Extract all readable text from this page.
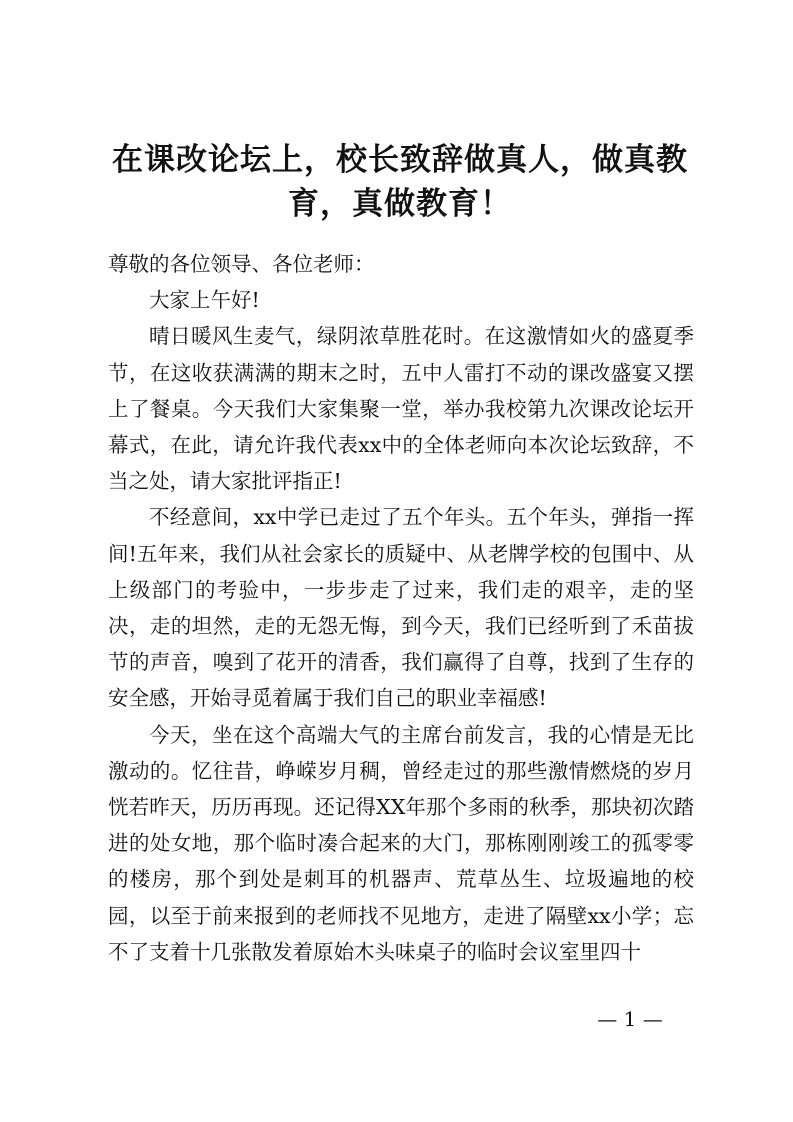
在课改论坛上，校长致辞做真人，做真教育，真做教育！

尊敬的各位领导、各位老师：

大家上午好!

晴日暖风生麦气，绿阴浓草胜花时。在这激情如火的盛夏季节，在这收获满满的期末之时，五中人雷打不动的课改盛宴又摆上了餐桌。今天我们大家集聚一堂，举办我校第九次课改论坛开幕式，在此，请允许我代表xx中的全体老师向本次论坛致辞，不当之处，请大家批评指正!

不经意间，xx中学已走过了五个年头。五个年头，弹指一挥间!五年来，我们从社会家长的质疑中、从老牌学校的包围中、从上级部门的考验中，一步步走了过来，我们走的艰辛，走的坚决，走的坦然，走的无怨无悔，到今天，我们已经听到了禾苗拔节的声音，嗅到了花开的清香，我们赢得了自尊，找到了生存的安全感，开始寻觅着属于我们自己的职业幸福感!

今天，坐在这个高端大气的主席台前发言，我的心情是无比激动的。忆往昔，峥嵘岁月稠，曾经走过的那些激情燃烧的岁月恍若昨天，历历再现。还记得XX年那个多雨的秋季，那块初次踏进的处女地，那个临时凑合起来的大门，那栋刚刚竣工的孤零零的楼房，那个到处是刺耳的机器声、荒草丛生、垃圾遍地的校园，以至于前来报到的老师找不见地方，走进了隔壁xx小学；忘不了支着十几张散发着原始木头味桌子的临时会议室里四十

— 1 —
